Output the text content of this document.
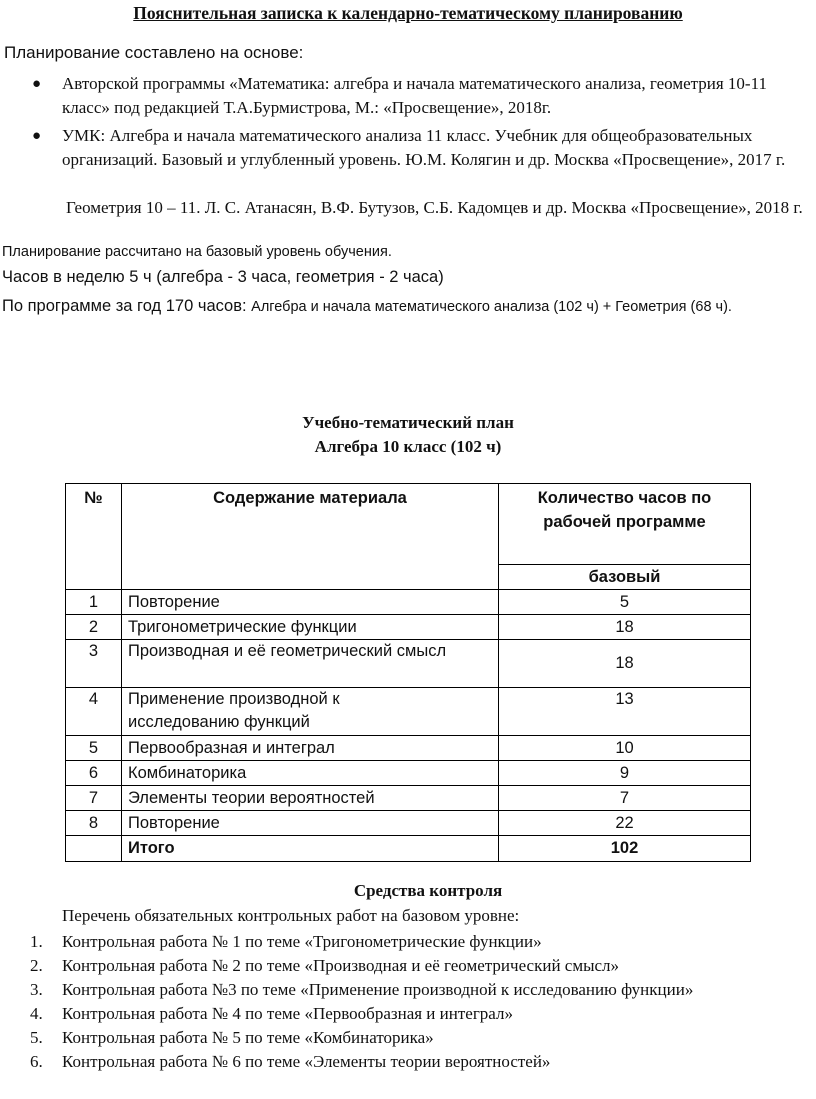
Пояснительная записка к календарно-тематическому планированию
Планирование составлено на основе:
● Авторской программы «Математика: алгебра и начала математического анализа, геометрия 10-11 класс» под редакцией Т.А.Бурмистрова, М.: «Просвещение», 2018г.
● УМК: Алгебра и начала математического анализа 11 класс. Учебник для общеобразовательных организаций. Базовый и углубленный уровень. Ю.М. Колягин и др. Москва «Просвещение», 2017 г.
Геометрия 10 – 11. Л. С. Атанасян, В.Ф. Бутузов, С.Б. Кадомцев и др. Москва «Просвещение», 2018 г.
Планирование рассчитано на базовый уровень обучения.
Часов в неделю 5 ч (алгебра - 3 часа, геометрия - 2 часа)
По программе за год 170 часов: Алгебра и начала математического анализа (102 ч) + Геометрия (68 ч).
Учебно-тематический план
Алгебра 10 класс (102 ч)
№	Содержание материала	Количество часов по рабочей программе

		базовый
1	Повторение	5
2	Тригонометрические функции	18
3	Производная и её геометрический смысл	18
4	Применение производной к исследованию функций	13
5	Первообразная и интеграл	10
6	Комбинаторика	9
7	Элементы теории вероятностей	7
8	Повторение	22
	Итого	102
Средства контроля
Перечень обязательных контрольных работ на базовом уровне:
1. Контрольная работа № 1 по теме «Тригонометрические функции»
2. Контрольная работа № 2 по теме «Производная и её геометрический смысл»
3. Контрольная работа №3 по теме «Применение производной к исследованию функции»
4. Контрольная работа № 4 по теме «Первообразная и интеграл»
5. Контрольная работа № 5 по теме «Комбинаторика»
6. Контрольная работа № 6 по теме «Элементы теории вероятностей»
